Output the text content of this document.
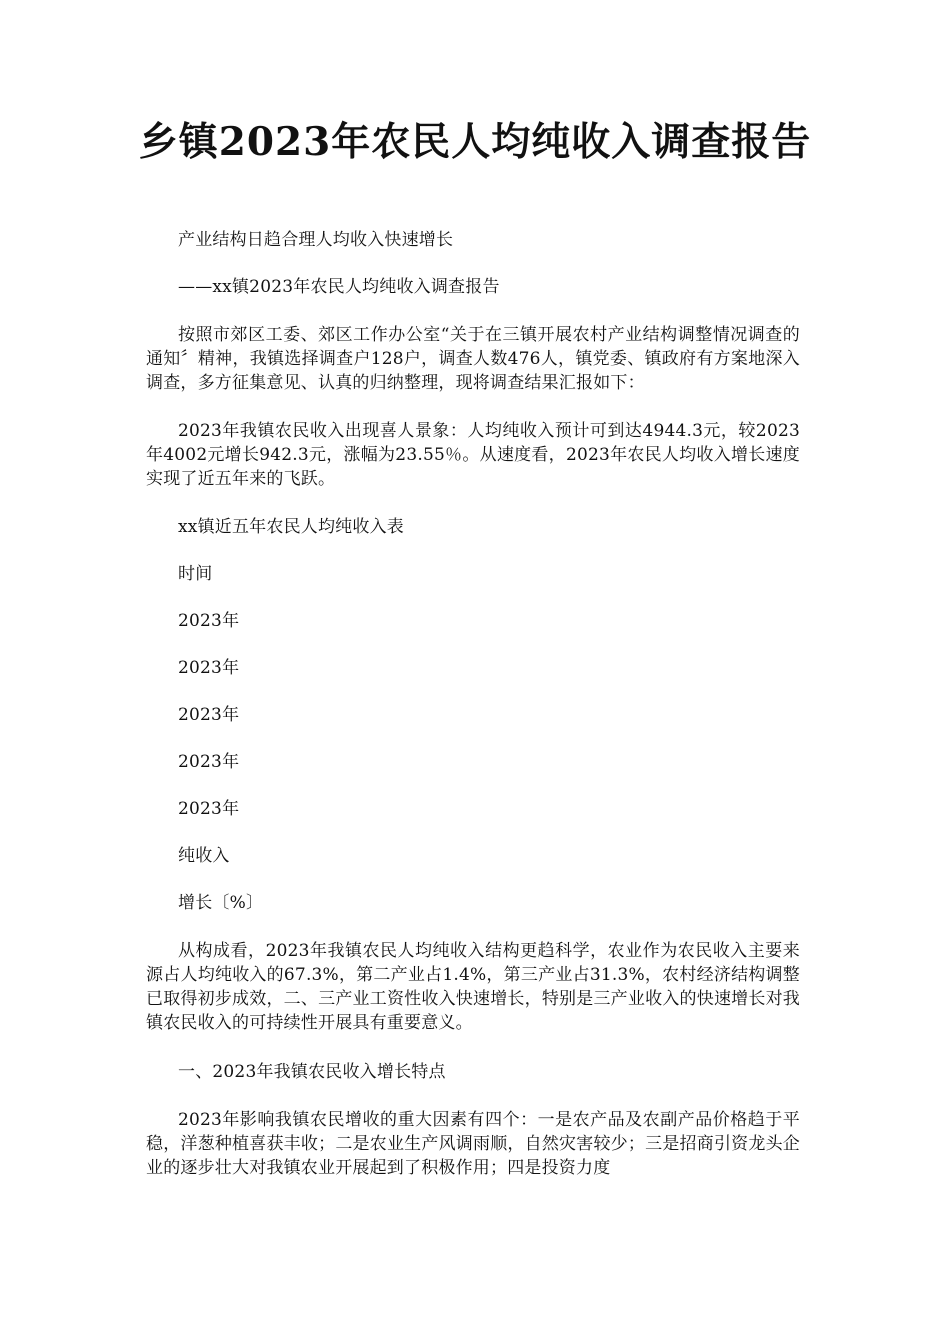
乡镇2023年农民人均纯收入调查报告

产业结构日趋合理人均收入快速增长

——xx镇2023年农民人均纯收入调查报告

按照市郊区工委、郊区工作办公室“关于在三镇开展农村产业结构调整情况调查的通知〞精神，我镇选择调查户128户，调查人数476人，镇党委、镇政府有方案地深入调查，多方征集意见、认真的归纳整理，现将调查结果汇报如下：

2023年我镇农民收入出现喜人景象：人均纯收入预计可到达4944.3元，较2023年4002元增长942.3元，涨幅为23.55％。从速度看，2023年农民人均收入增长速度实现了近五年来的飞跃。

xx镇近五年农民人均纯收入表

时间

2023年

2023年

2023年

2023年

2023年

纯收入

增长〔%〕

从构成看，2023年我镇农民人均纯收入结构更趋科学，农业作为农民收入主要来源占人均纯收入的67.3%，第二产业占1.4%，第三产业占31.3%，农村经济结构调整已取得初步成效，二、三产业工资性收入快速增长，特别是三产业收入的快速增长对我镇农民收入的可持续性开展具有重要意义。

一、2023年我镇农民收入增长特点

2023年影响我镇农民增收的重大因素有四个：一是农产品及农副产品价格趋于平稳，洋葱种植喜获丰收；二是农业生产风调雨顺，自然灾害较少；三是招商引资龙头企业的逐步壮大对我镇农业开展起到了积极作用；四是投资力度
